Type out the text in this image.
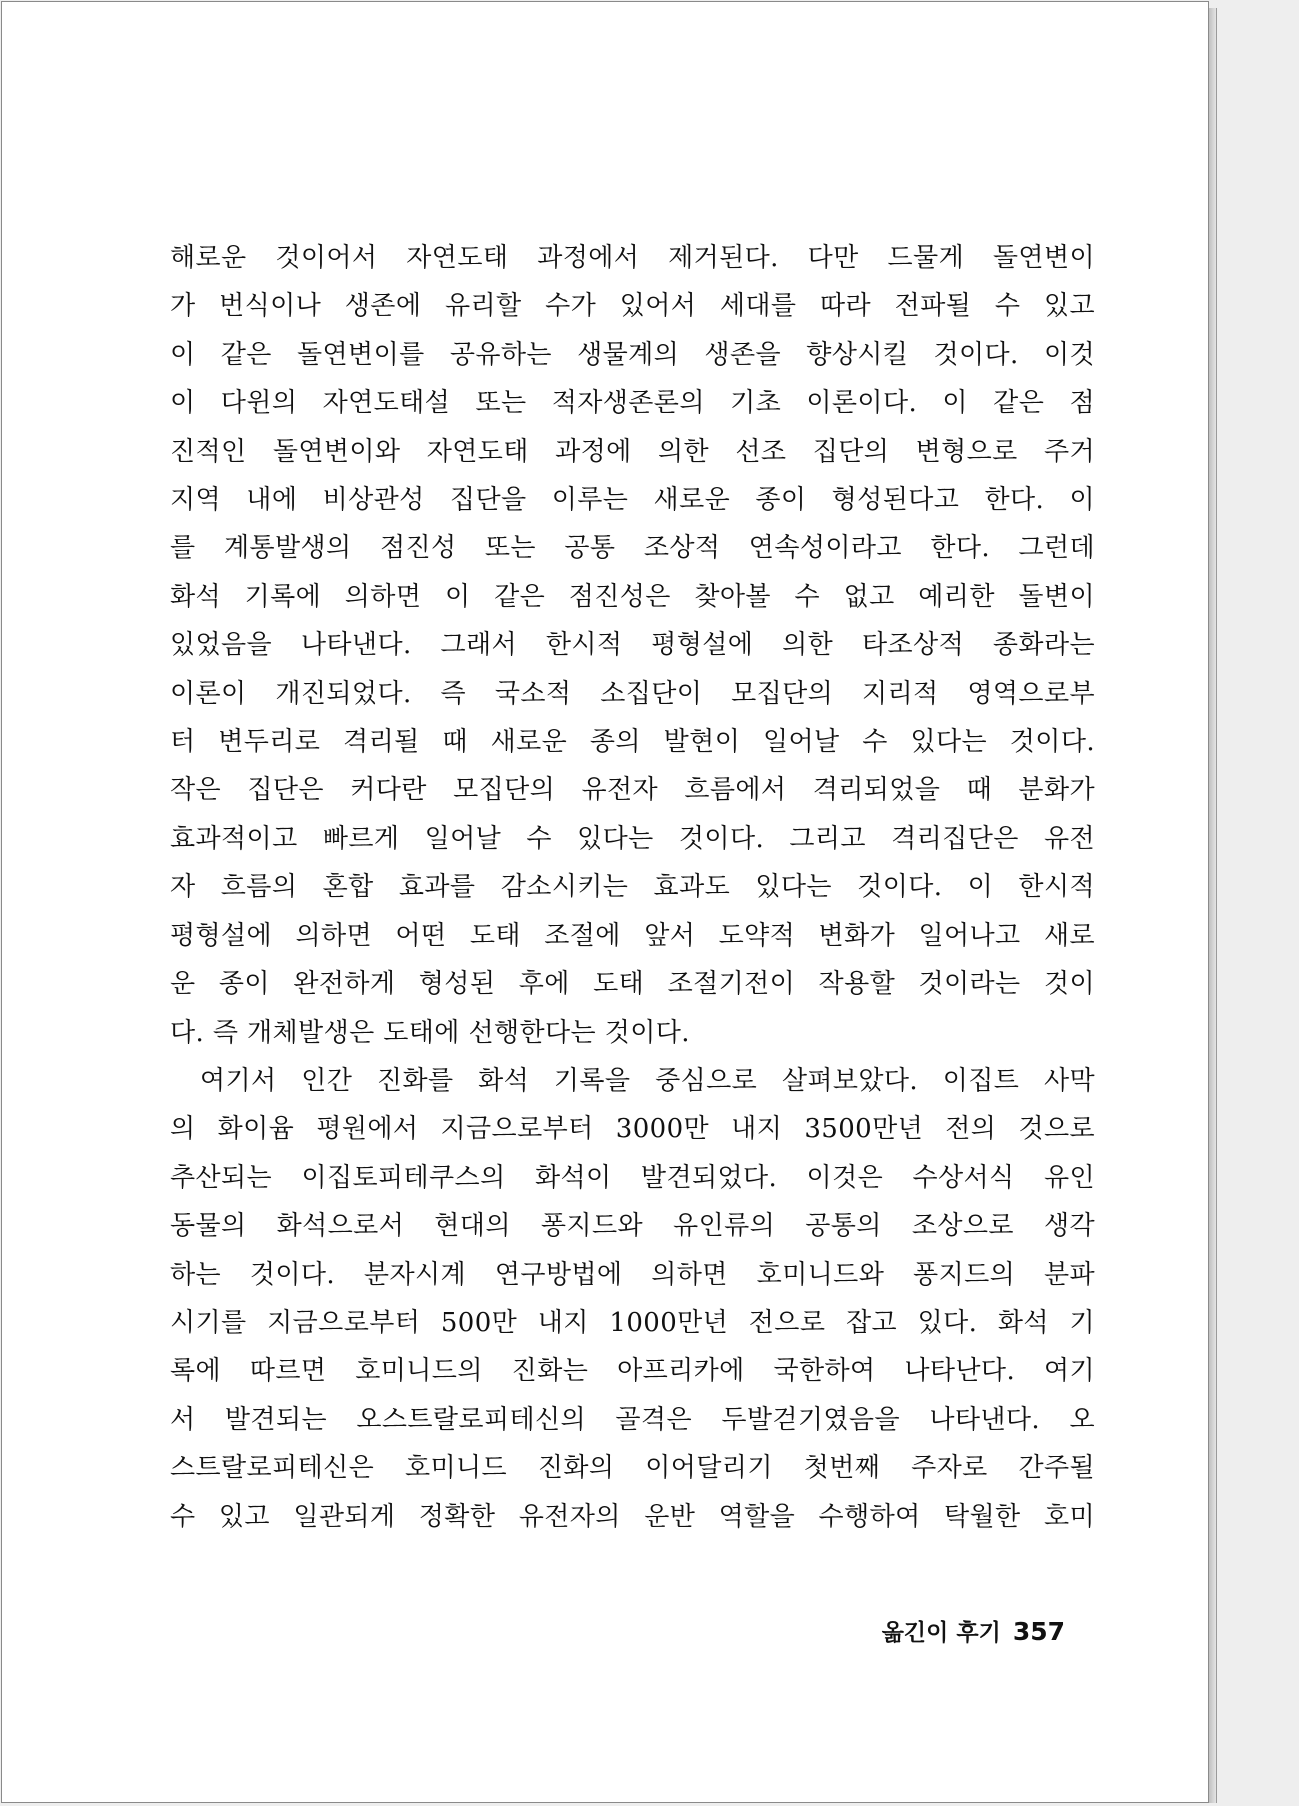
해로운 것이어서 자연도태 과정에서 제거된다. 다만 드물게 돌연변이
가 번식이나 생존에 유리할 수가 있어서 세대를 따라 전파될 수 있고
이 같은 돌연변이를 공유하는 생물계의 생존을 향상시킬 것이다. 이것
이 다윈의 자연도태설 또는 적자생존론의 기초 이론이다. 이 같은 점
진적인 돌연변이와 자연도태 과정에 의한 선조 집단의 변형으로 주거
지역 내에 비상관성 집단을 이루는 새로운 종이 형성된다고 한다. 이
를 계통발생의 점진성 또는 공통 조상적 연속성이라고 한다. 그런데
화석 기록에 의하면 이 같은 점진성은 찾아볼 수 없고 예리한 돌변이
있었음을 나타낸다. 그래서 한시적 평형설에 의한 타조상적 종화라는
이론이 개진되었다. 즉 국소적 소집단이 모집단의 지리적 영역으로부
터 변두리로 격리될 때 새로운 종의 발현이 일어날 수 있다는 것이다.
작은 집단은 커다란 모집단의 유전자 흐름에서 격리되었을 때 분화가
효과적이고 빠르게 일어날 수 있다는 것이다. 그리고 격리집단은 유전
자 흐름의 혼합 효과를 감소시키는 효과도 있다는 것이다. 이 한시적
평형설에 의하면 어떤 도태 조절에 앞서 도약적 변화가 일어나고 새로
운 종이 완전하게 형성된 후에 도태 조절기전이 작용할 것이라는 것이
다. 즉 개체발생은 도태에 선행한다는 것이다.
여기서 인간 진화를 화석 기록을 중심으로 살펴보았다. 이집트 사막
의 화이윰 평원에서 지금으로부터 3000만 내지 3500만년 전의 것으로
추산되는 이집토피테쿠스의 화석이 발견되었다. 이것은 수상서식 유인
동물의 화석으로서 현대의 퐁지드와 유인류의 공통의 조상으로 생각
하는 것이다. 분자시계 연구방법에 의하면 호미니드와 퐁지드의 분파
시기를 지금으로부터 500만 내지 1000만년 전으로 잡고 있다. 화석 기
록에 따르면 호미니드의 진화는 아프리카에 국한하여 나타난다. 여기
서 발견되는 오스트랄로피테신의 골격은 두발걷기였음을 나타낸다. 오
스트랄로피테신은 호미니드 진화의 이어달리기 첫번째 주자로 간주될
수 있고 일관되게 정확한 유전자의 운반 역할을 수행하여 탁월한 호미
옮긴이 후기 357
